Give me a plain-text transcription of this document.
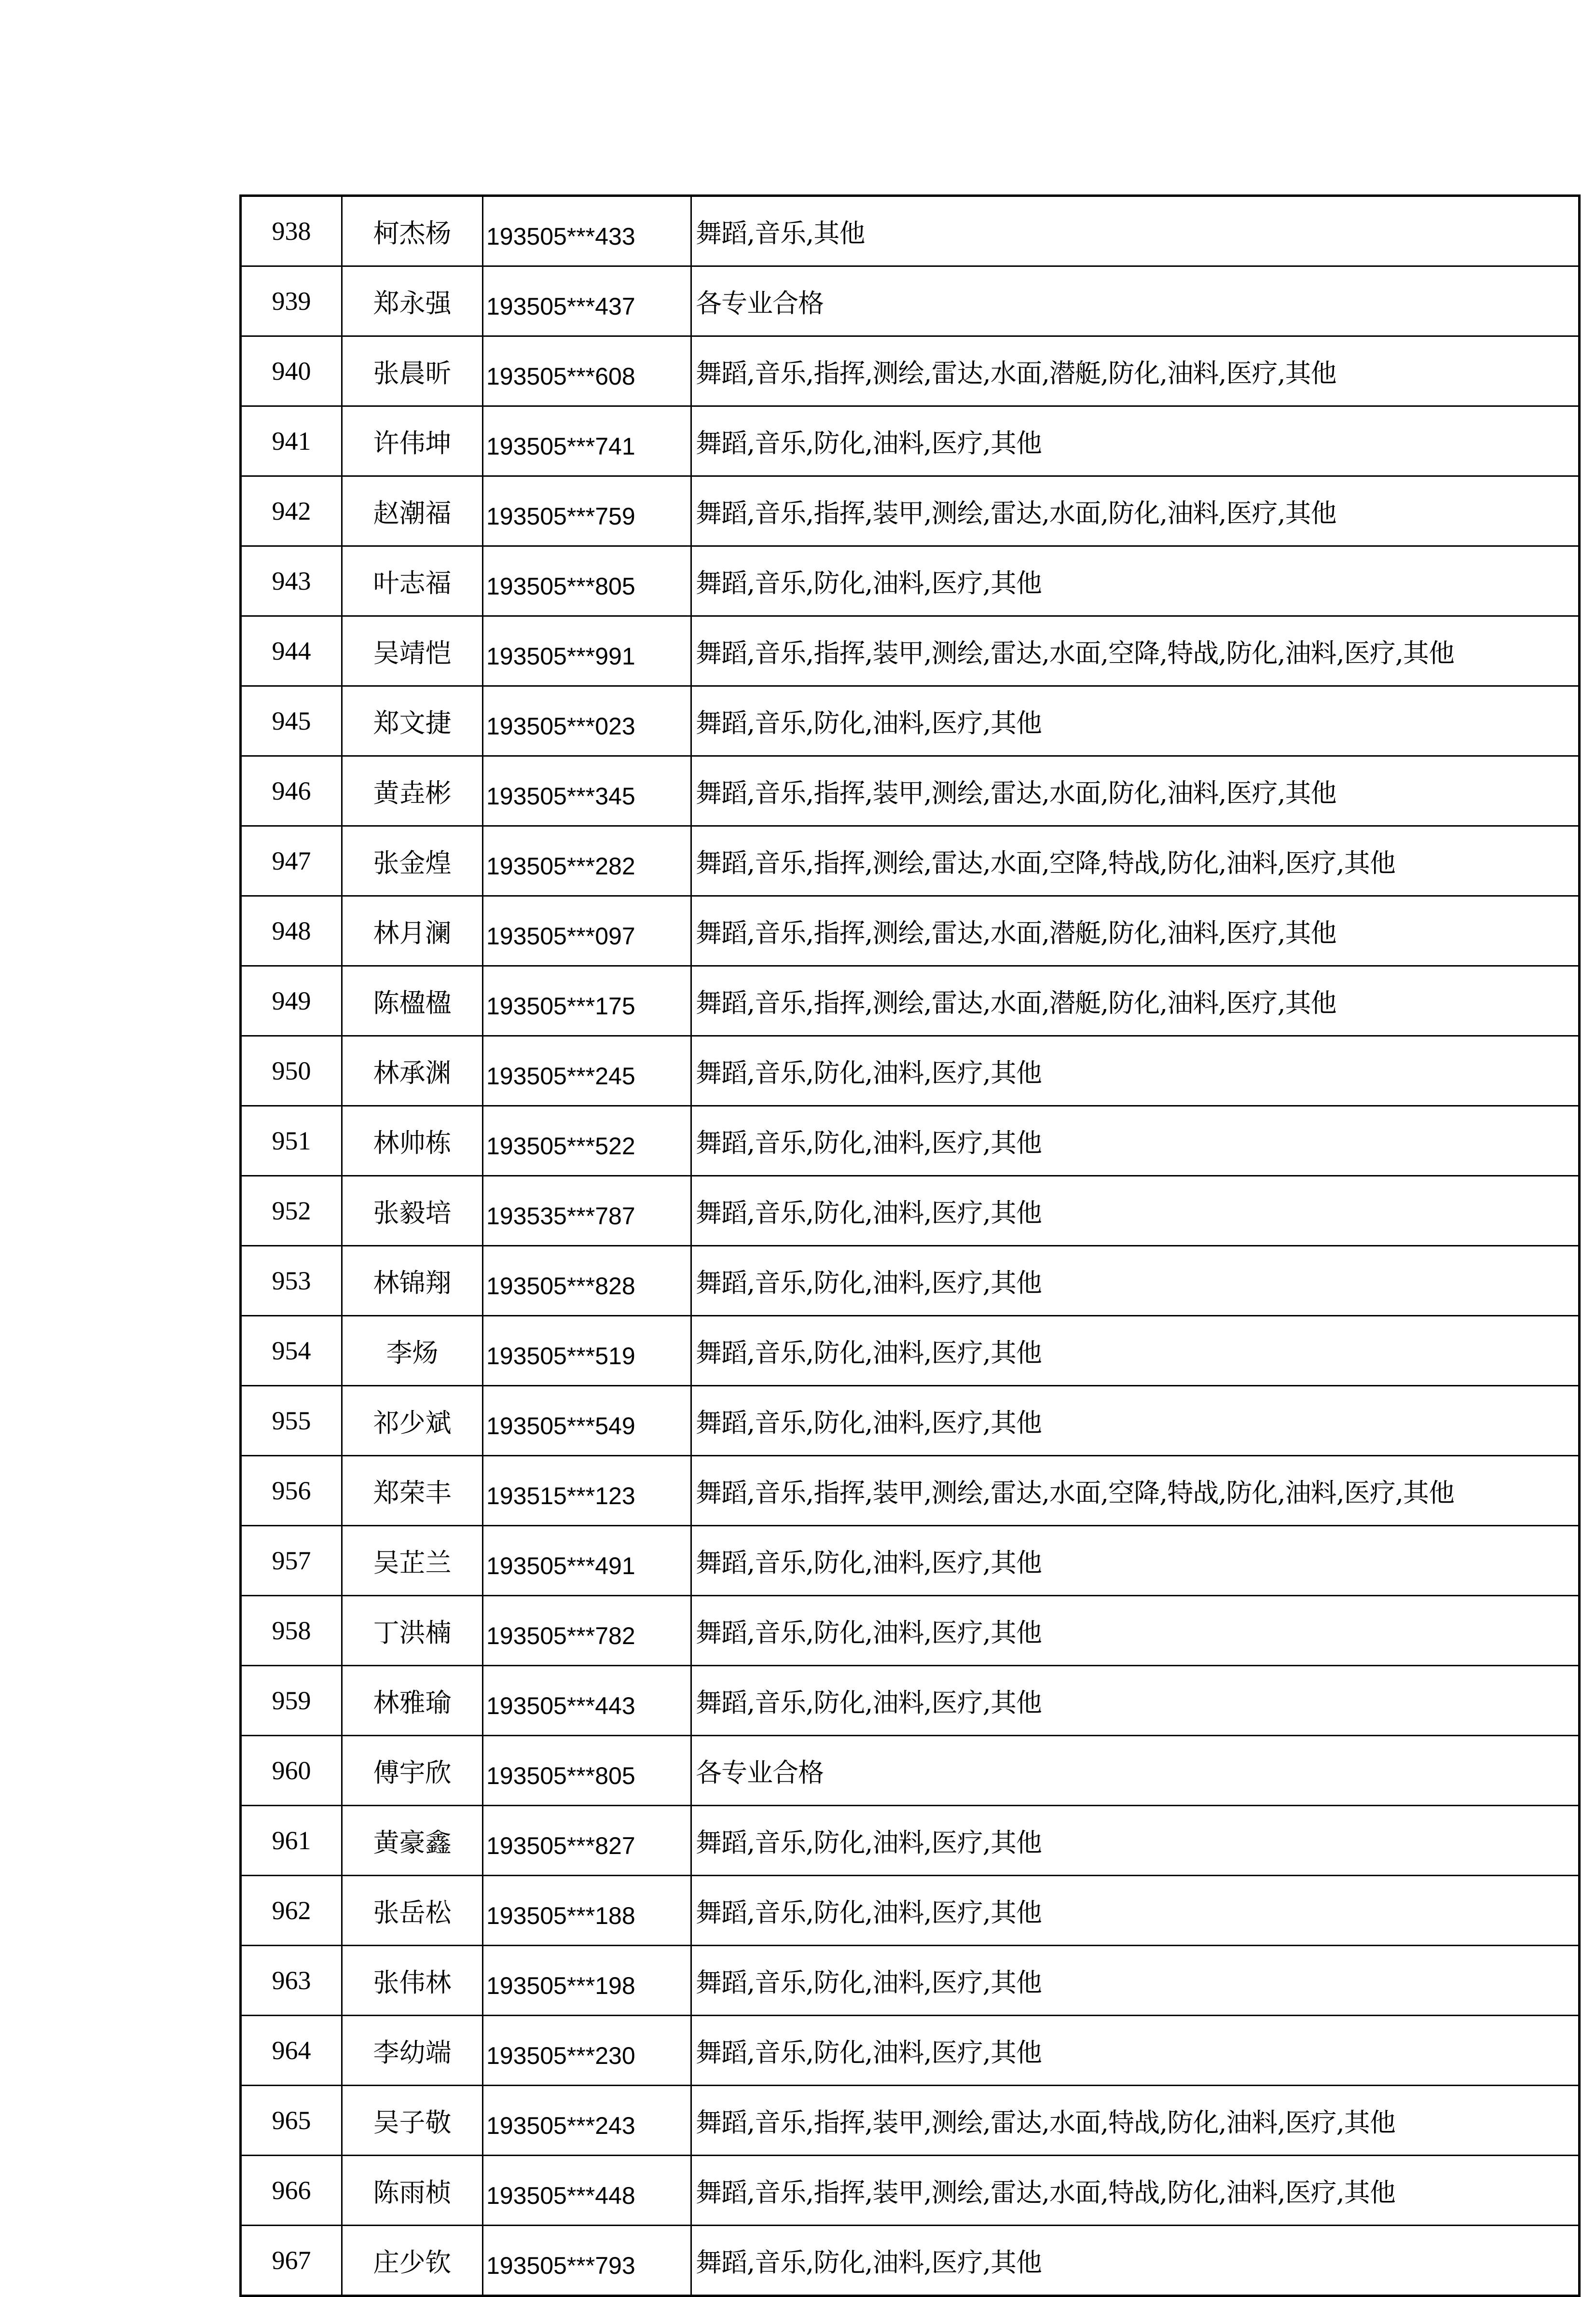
938	柯杰杨	193505***433	舞蹈,音乐,其他
939	郑永强	193505***437	各专业合格
940	张晨昕	193505***608	舞蹈,音乐,指挥,测绘,雷达,水面,潜艇,防化,油料,医疗,其他
941	许伟坤	193505***741	舞蹈,音乐,防化,油料,医疗,其他
942	赵潮福	193505***759	舞蹈,音乐,指挥,装甲,测绘,雷达,水面,防化,油料,医疗,其他
943	叶志福	193505***805	舞蹈,音乐,防化,油料,医疗,其他
944	吴靖恺	193505***991	舞蹈,音乐,指挥,装甲,测绘,雷达,水面,空降,特战,防化,油料,医疗,其他
945	郑文捷	193505***023	舞蹈,音乐,防化,油料,医疗,其他
946	黄垚彬	193505***345	舞蹈,音乐,指挥,装甲,测绘,雷达,水面,防化,油料,医疗,其他
947	张金煌	193505***282	舞蹈,音乐,指挥,测绘,雷达,水面,空降,特战,防化,油料,医疗,其他
948	林月澜	193505***097	舞蹈,音乐,指挥,测绘,雷达,水面,潜艇,防化,油料,医疗,其他
949	陈楹楹	193505***175	舞蹈,音乐,指挥,测绘,雷达,水面,潜艇,防化,油料,医疗,其他
950	林承渊	193505***245	舞蹈,音乐,防化,油料,医疗,其他
951	林帅栋	193505***522	舞蹈,音乐,防化,油料,医疗,其他
952	张毅培	193535***787	舞蹈,音乐,防化,油料,医疗,其他
953	林锦翔	193505***828	舞蹈,音乐,防化,油料,医疗,其他
954	李炀	193505***519	舞蹈,音乐,防化,油料,医疗,其他
955	祁少斌	193505***549	舞蹈,音乐,防化,油料,医疗,其他
956	郑荣丰	193515***123	舞蹈,音乐,指挥,装甲,测绘,雷达,水面,空降,特战,防化,油料,医疗,其他
957	吴芷兰	193505***491	舞蹈,音乐,防化,油料,医疗,其他
958	丁洪楠	193505***782	舞蹈,音乐,防化,油料,医疗,其他
959	林雅瑜	193505***443	舞蹈,音乐,防化,油料,医疗,其他
960	傅宇欣	193505***805	各专业合格
961	黄豪鑫	193505***827	舞蹈,音乐,防化,油料,医疗,其他
962	张岳松	193505***188	舞蹈,音乐,防化,油料,医疗,其他
963	张伟林	193505***198	舞蹈,音乐,防化,油料,医疗,其他
964	李幼端	193505***230	舞蹈,音乐,防化,油料,医疗,其他
965	吴子敬	193505***243	舞蹈,音乐,指挥,装甲,测绘,雷达,水面,特战,防化,油料,医疗,其他
966	陈雨桢	193505***448	舞蹈,音乐,指挥,装甲,测绘,雷达,水面,特战,防化,油料,医疗,其他
967	庄少钦	193505***793	舞蹈,音乐,防化,油料,医疗,其他
